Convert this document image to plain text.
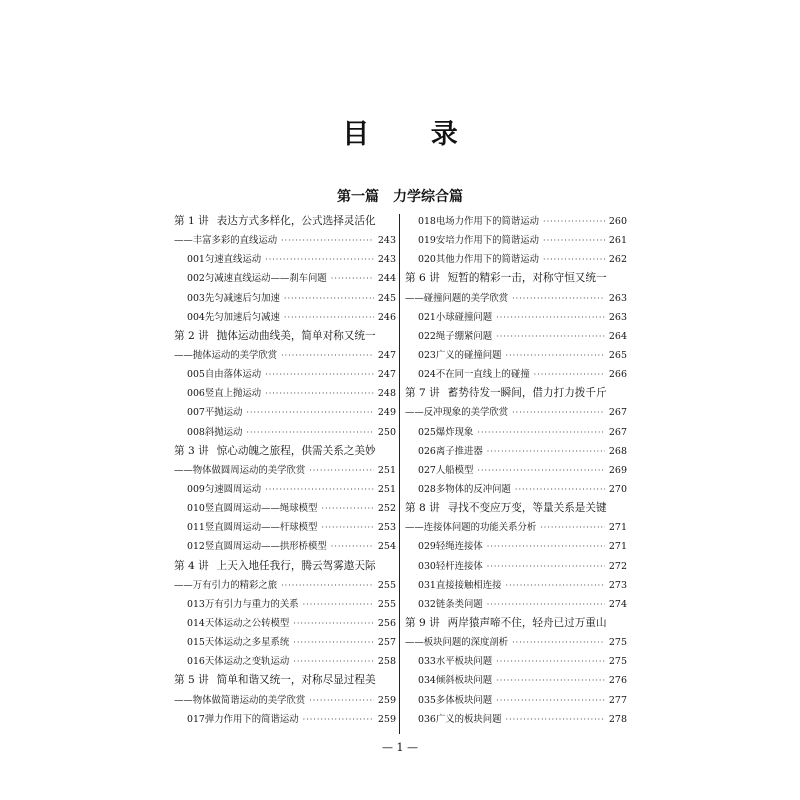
目 录
第一篇　力学综合篇
第 1 讲 表达方式多样化，公式选择灵活化
——丰富多彩的直线运动 ·····	243
001 匀速直线运动 ·····	243
002 匀减速直线运动——刹车问题 ·····	244
003 先匀减速后匀加速 ·····	245
004 先匀加速后匀减速 ·····	246
第 2 讲 抛体运动曲线美，简单对称又统一
——抛体运动的美学欣赏 ·····	247
005 自由落体运动 ·····	247
006 竖直上抛运动 ·····	248
007 平抛运动 ·····	249
008 斜抛运动 ·····	250
第 3 讲 惊心动魄之旅程，供需关系之美妙
——物体做圆周运动的美学欣赏 ·····	251
009 匀速圆周运动 ·····	251
010 竖直圆周运动——绳球模型 ·····	252
011 竖直圆周运动——杆球模型 ·····	253
012 竖直圆周运动——拱形桥模型 ·····	254
第 4 讲 上天入地任我行，腾云驾雾遨天际
——万有引力的精彩之旅 ·····	255
013 万有引力与重力的关系 ·····	255
014 天体运动之公转模型 ·····	256
015 天体运动之多星系统 ·····	257
016 天体运动之变轨运动 ·····	258
第 5 讲 简单和谐又统一，对称尽显过程美
——物体做简谐运动的美学欣赏 ·····	259
017 弹力作用下的简谐运动 ·····	259
018 电场力作用下的简谐运动 ·····	260
019 安培力作用下的简谐运动 ·····	261
020 其他力作用下的简谐运动 ·····	262
第 6 讲 短暂的精彩一击，对称守恒又统一
——碰撞问题的美学欣赏 ·····	263
021 小球碰撞问题 ·····	263
022 绳子绷紧问题 ·····	264
023 广义的碰撞问题 ·····	265
024 不在同一直线上的碰撞 ·····	266
第 7 讲 蓄势待发一瞬间，借力打力拨千斤
——反冲现象的美学欣赏 ·····	267
025 爆炸现象 ·····	267
026 离子推进器 ·····	268
027 人船模型 ·····	269
028 多物体的反冲问题 ·····	270
第 8 讲 寻找不变应万变，等量关系是关键
——连接体问题的功能关系分析 ·····	271
029 轻绳连接体 ·····	271
030 轻杆连接体 ·····	272
031 直接接触相连接 ·····	273
032 链条类问题 ·····	274
第 9 讲 两岸猿声啼不住，轻舟已过万重山
——板块问题的深度剖析 ·····	275
033 水平板块问题 ·····	275
034 倾斜板块问题 ·····	276
035 多体板块问题 ·····	277
036 广义的板块问题 ·····	278
— 1 —
